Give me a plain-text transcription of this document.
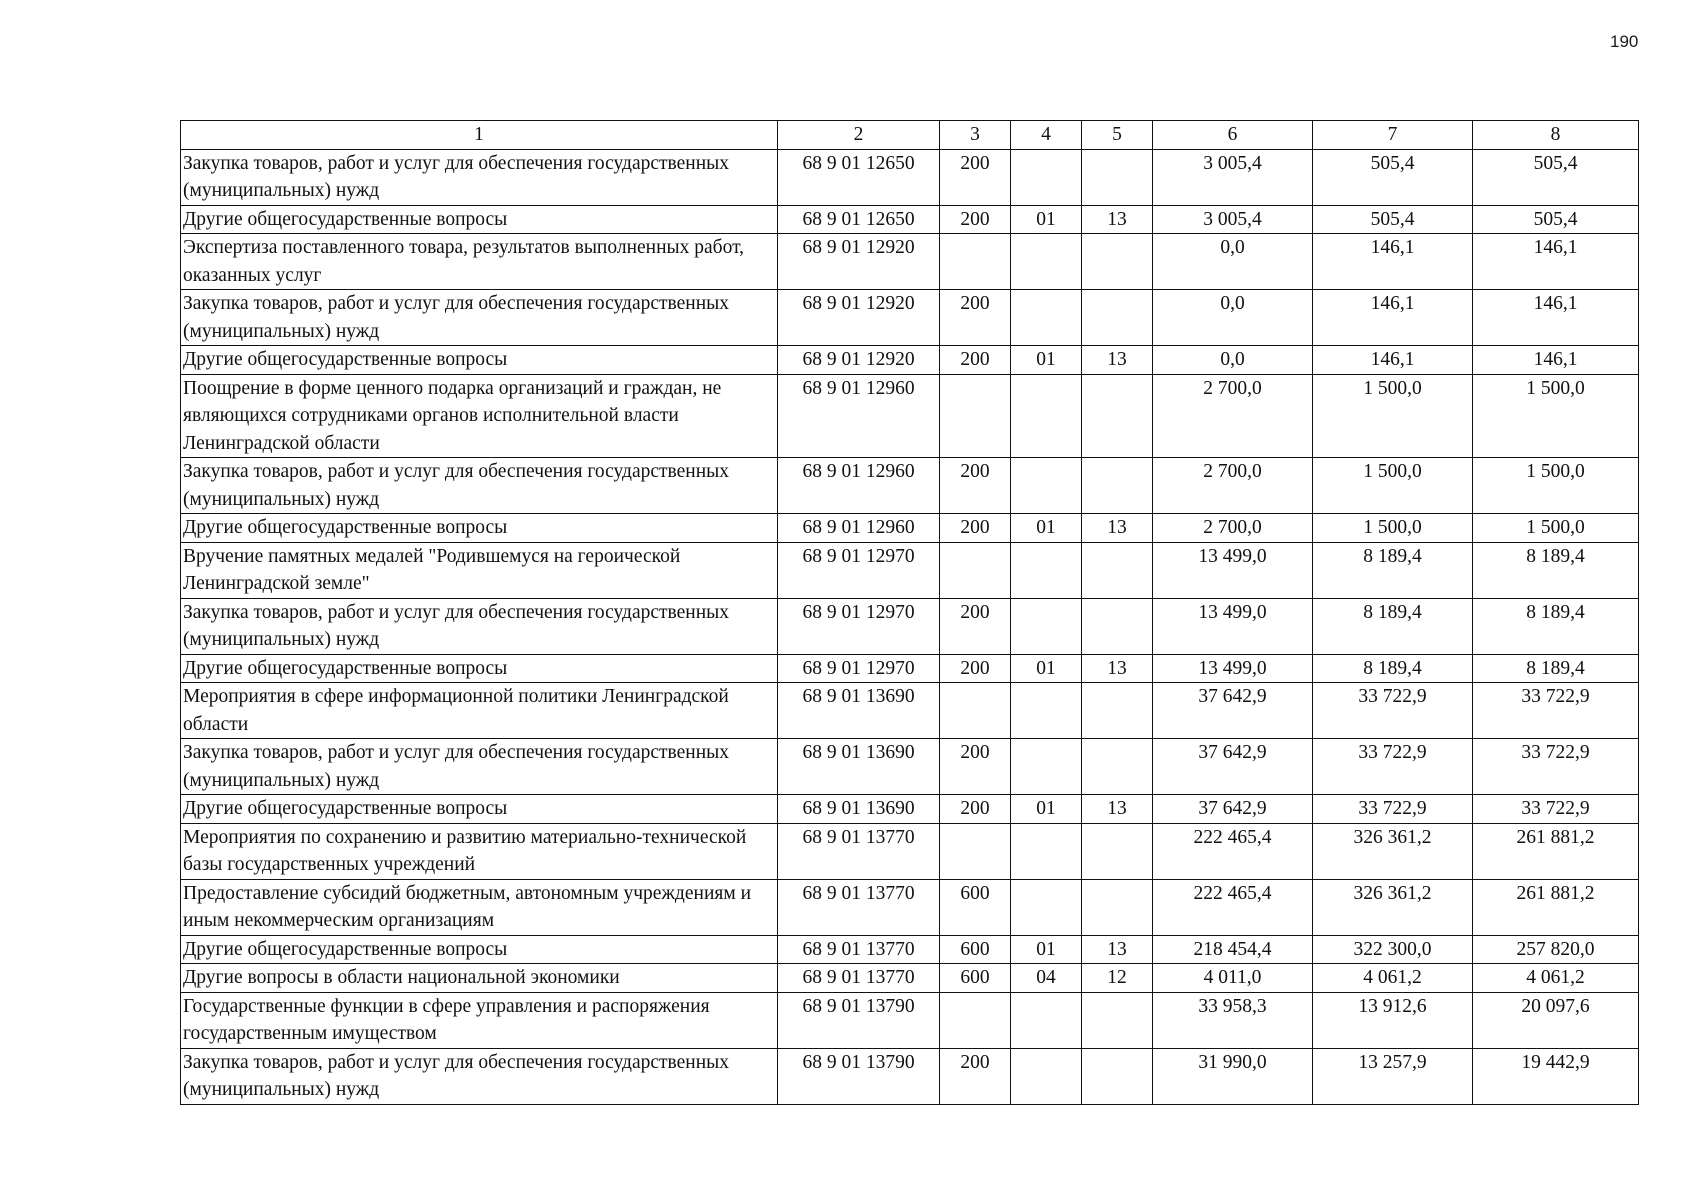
190
1	2	3	4	5	6	7	8
Закупка товаров, работ и услуг для обеспечения государственных (муниципальных) нужд	68 9 01 12650	200			3 005,4	505,4	505,4
Другие общегосударственные вопросы	68 9 01 12650	200	01	13	3 005,4	505,4	505,4
Экспертиза поставленного товара, результатов выполненных работ, оказанных услуг	68 9 01 12920				0,0	146,1	146,1
Закупка товаров, работ и услуг для обеспечения государственных (муниципальных) нужд	68 9 01 12920	200			0,0	146,1	146,1
Другие общегосударственные вопросы	68 9 01 12920	200	01	13	0,0	146,1	146,1
Поощрение в форме ценного подарка организаций и граждан, не являющихся сотрудниками органов исполнительной власти Ленинградской области	68 9 01 12960				2 700,0	1 500,0	1 500,0
Закупка товаров, работ и услуг для обеспечения государственных (муниципальных) нужд	68 9 01 12960	200			2 700,0	1 500,0	1 500,0
Другие общегосударственные вопросы	68 9 01 12960	200	01	13	2 700,0	1 500,0	1 500,0
Вручение памятных медалей "Родившемуся на героической Ленинградской земле"	68 9 01 12970				13 499,0	8 189,4	8 189,4
Закупка товаров, работ и услуг для обеспечения государственных (муниципальных) нужд	68 9 01 12970	200			13 499,0	8 189,4	8 189,4
Другие общегосударственные вопросы	68 9 01 12970	200	01	13	13 499,0	8 189,4	8 189,4
Мероприятия в сфере информационной политики Ленинградской области	68 9 01 13690				37 642,9	33 722,9	33 722,9
Закупка товаров, работ и услуг для обеспечения государственных (муниципальных) нужд	68 9 01 13690	200			37 642,9	33 722,9	33 722,9
Другие общегосударственные вопросы	68 9 01 13690	200	01	13	37 642,9	33 722,9	33 722,9
Мероприятия по сохранению и развитию материально-технической базы государственных учреждений	68 9 01 13770				222 465,4	326 361,2	261 881,2
Предоставление субсидий бюджетным, автономным учреждениям и иным некоммерческим организациям	68 9 01 13770	600			222 465,4	326 361,2	261 881,2
Другие общегосударственные вопросы	68 9 01 13770	600	01	13	218 454,4	322 300,0	257 820,0
Другие вопросы в области национальной экономики	68 9 01 13770	600	04	12	4 011,0	4 061,2	4 061,2
Государственные функции в сфере управления и распоряжения государственным имуществом	68 9 01 13790				33 958,3	13 912,6	20 097,6
Закупка товаров, работ и услуг для обеспечения государственных (муниципальных) нужд	68 9 01 13790	200			31 990,0	13 257,9	19 442,9
